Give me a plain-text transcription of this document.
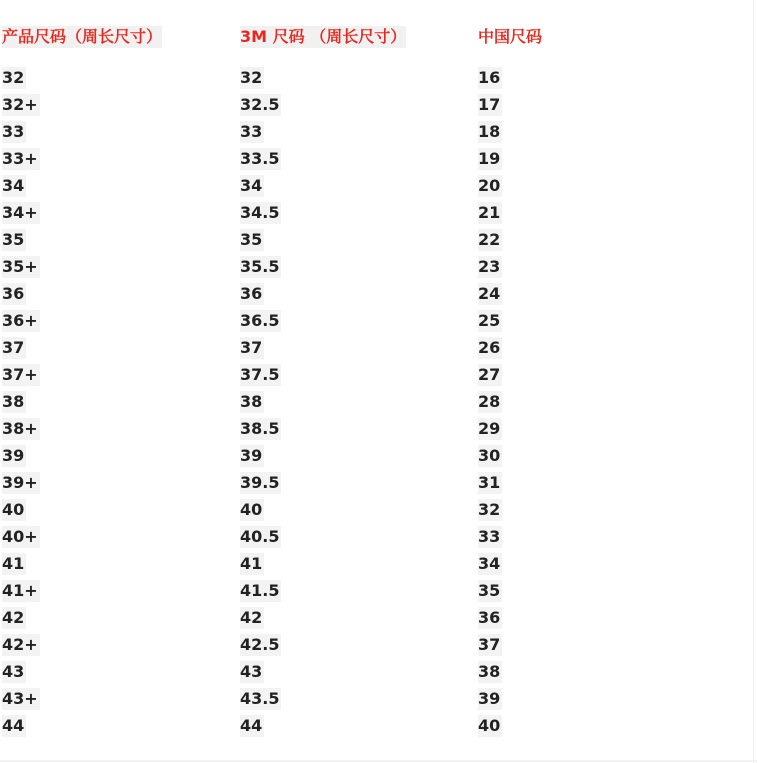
产品尺码（周长尺寸）	3M 尺码 （周长尺寸）	中国尺码
32	32	16
32+	32.5	17
33	33	18
33+	33.5	19
34	34	20
34+	34.5	21
35	35	22
35+	35.5	23
36	36	24
36+	36.5	25
37	37	26
37+	37.5	27
38	38	28
38+	38.5	29
39	39	30
39+	39.5	31
40	40	32
40+	40.5	33
41	41	34
41+	41.5	35
42	42	36
42+	42.5	37
43	43	38
43+	43.5	39
44	44	40
